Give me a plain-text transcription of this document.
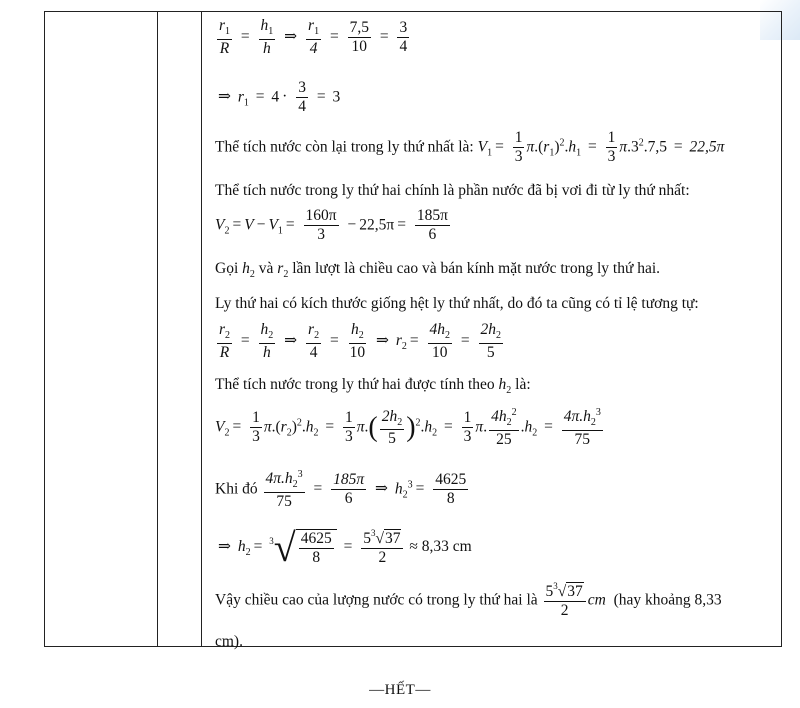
$\frac{r_1}{R} = \frac{h_1}{h}$ ⇒ $\frac{r_1}{4} = \frac{7,5}{10} = \frac{3}{4}$
⇒ $r_1 = 4 \cdot \frac{3}{4} = 3$
Thể tích nước còn lại trong ly thứ nhất là: $V_1 = \frac{1}{3} \pi.(r_1)^2.h_1 = \frac{1}{3} \pi.3^2.7,5 = 22,5\pi$
Thể tích nước trong ly thứ hai chính là phần nước đã bị vơi đi từ ly thứ nhất:
$V_2 = V - V_1 = \frac{160\pi}{3} - 22,5\pi = \frac{185\pi}{6}$
Gọi $h_2$ và $r_2$ lần lượt là chiều cao và bán kính mặt nước trong ly thứ hai.
Ly thứ hai có kích thước giống hệt ly thứ nhất, do đó ta cũng có tỉ lệ tương tự:
$\frac{r_2}{R} = \frac{h_2}{h}$ ⇒ $\frac{r_2}{4} = \frac{h_2}{10}$ ⇒ $r_2 = \frac{4h_2}{10} = \frac{2h_2}{5}$
Thể tích nước trong ly thứ hai được tính theo $h_2$ là:
$V_2 = \frac{1}{3} \pi.(r_2)^2.h_2 = \frac{1}{3} \pi.( \frac{2h_2}{5} )^2.h_2 = \frac{1}{3} \pi$. $\frac{4h_2^2}{25} .h_2 = \frac{4\pi.h_2^3}{75}$
Khi đó $\frac{4\pi.h_2^3}{75} = \frac{185\pi}{6}$ ⇒ $h_2^3 = \frac{4625}{8}$
⇒ $h_2 = ^3√ \frac{4625}{8} = \frac{5^3√37}{2} \approx 8,33$ cm
Vậy chiều cao của lượng nước có trong ly thứ hai là $\frac{5^3√37}{2}$ cm (hay khoảng 8,33
cm).
—HẾT—
